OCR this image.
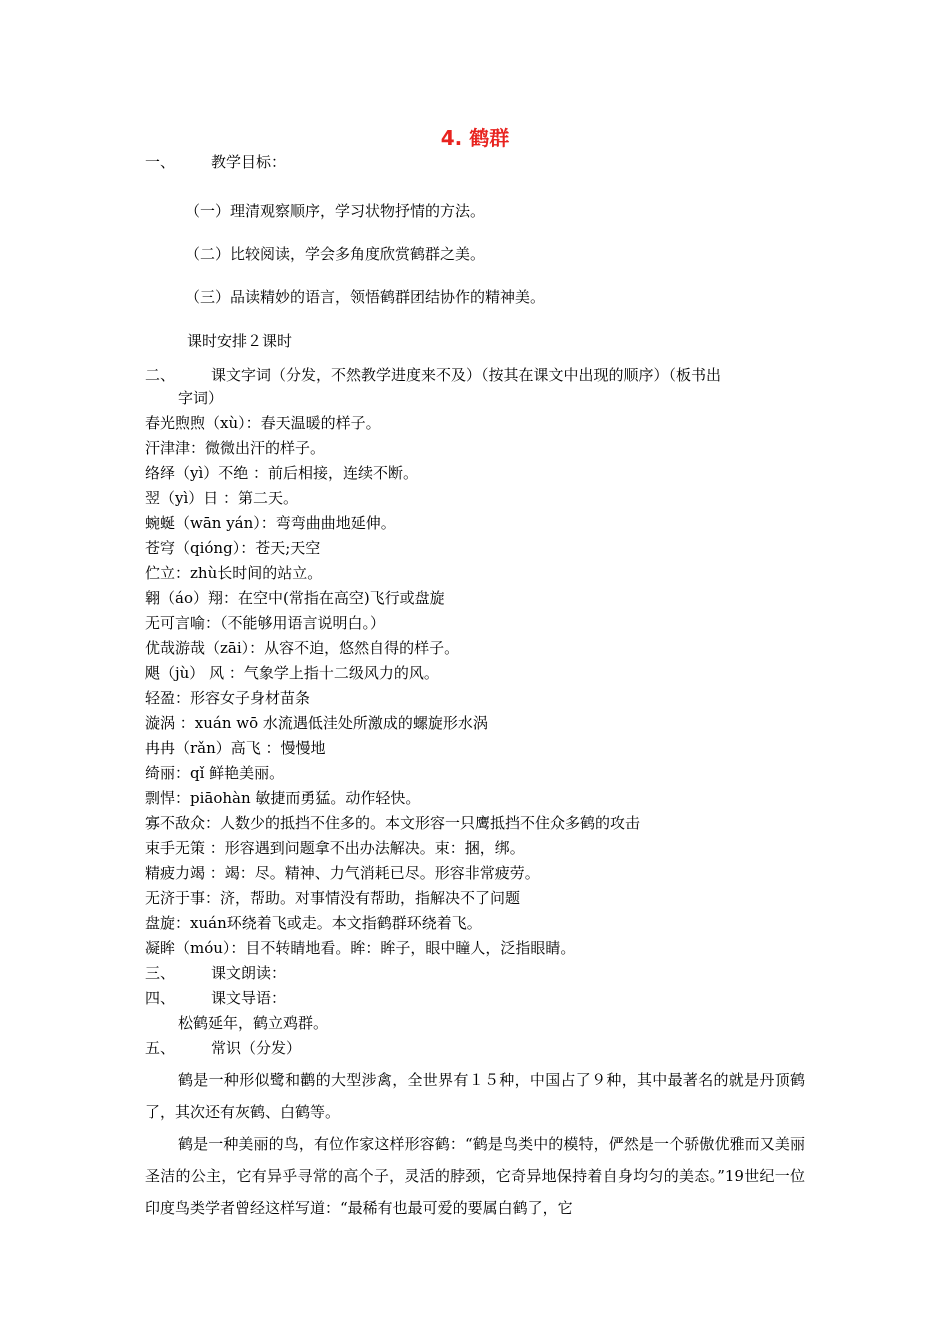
4. 鹤群
一、 教学目标：
（一）理清观察顺序，学习状物抒情的方法。
（二）比较阅读，学会多角度欣赏鹤群之美。
（三）品读精妙的语言，领悟鹤群团结协作的精神美。
课时安排２课时
二、 课文字词（分发，不然教学进度来不及）（按其在课文中出现的顺序）（板书出
字词）
春光煦煦（xù）：春天温暖的样子。
汗津津：微微出汗的样子。
络绎（yì）不绝 ：前后相接，连续不断。
翌（yì）日 ：第二天。
蜿蜒（wān yán）：弯弯曲曲地延伸。
苍穹（qióng）：苍天;天空
伫立：zhù长时间的站立。
翱（áo）翔：在空中(常指在高空)飞行或盘旋
无可言喻：（不能够用语言说明白。）
优哉游哉（zāi）：从容不迫，悠然自得的样子。
飓（jù） 风 ：气象学上指十二级风力的风。
轻盈：形容女子身材苗条
漩涡 ：xuán wō 水流遇低洼处所激成的螺旋形水涡
冉冉（rǎn）高飞 ：慢慢地
绮丽：qǐ 鲜艳美丽。
剽悍：piāohàn 敏捷而勇猛。动作轻快。
寡不敌众：人数少的抵挡不住多的。本文形容一只鹰抵挡不住众多鹤的攻击
束手无策 ：形容遇到问题拿不出办法解决。束：捆，绑。
精疲力竭 ：竭：尽。精神、力气消耗已尽。形容非常疲劳。
无济于事：济，帮助。对事情没有帮助，指解决不了问题
盘旋：xuán环绕着飞或走。本文指鹤群环绕着飞。
凝眸（móu）：目不转睛地看。眸：眸子，眼中瞳人，泛指眼睛。
三、 课文朗读：
四、 课文导语：
松鹤延年，鹤立鸡群。
五、 常识（分发）
鹤是一种形似鹭和鹳的大型涉禽，全世界有１５种，中国占了９种，其中最著名的就是丹顶鹤了，其次还有灰鹤、白鹤等。
鹤是一种美丽的鸟，有位作家这样形容鹤：“鹤是鸟类中的模特，俨然是一个骄傲优雅而又美丽圣洁的公主，它有异乎寻常的高个子，灵活的脖颈，它奇异地保持着自身均匀的美态。”19世纪一位印度鸟类学者曾经这样写道：“最稀有也最可爱的要属白鹤了，它
